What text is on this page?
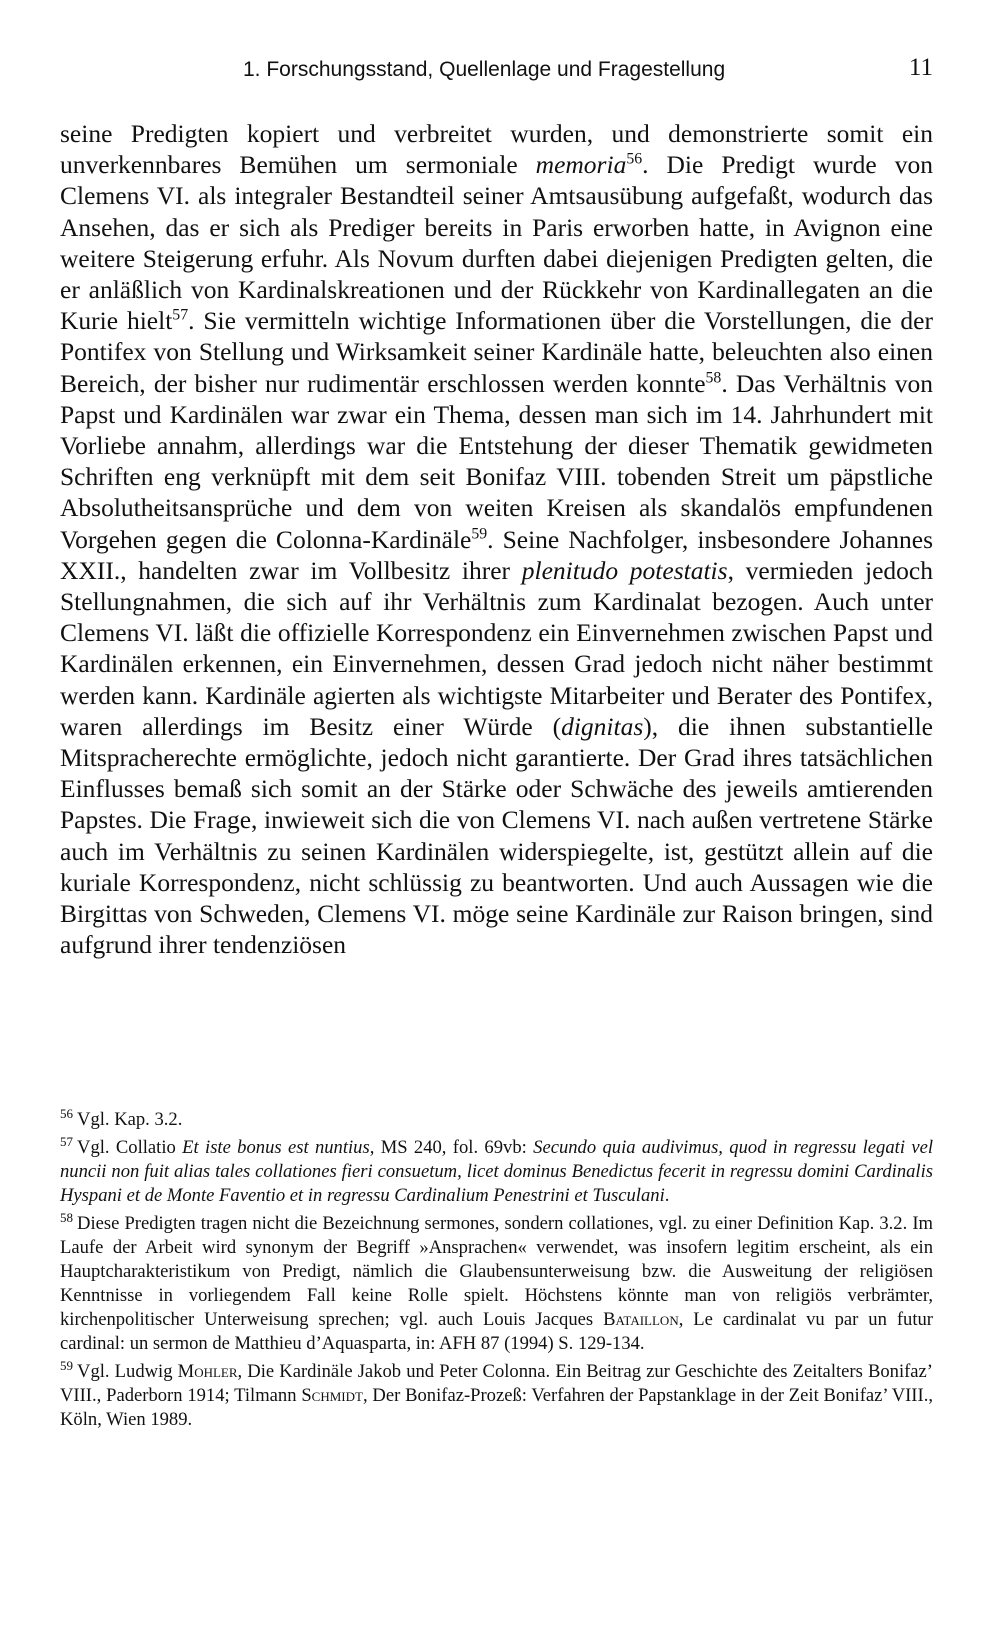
1. Forschungsstand, Quellenlage und Fragestellung	11

seine Predigten kopiert und verbreitet wurden, und demonstrierte somit ein unverkennbares Bemühen um sermoniale memoria$^{56}$. Die Predigt wurde von Clemens VI. als integraler Bestandteil seiner Amtsausübung aufgefaßt, wodurch das Ansehen, das er sich als Prediger bereits in Paris erworben hatte, in Avignon eine weitere Steigerung erfuhr. Als Novum durften dabei diejenigen Predigten gelten, die er anläßlich von Kardinalskreationen und der Rückkehr von Kardinallegaten an die Kurie hielt$^{57}$. Sie vermitteln wichtige Informationen über die Vorstellungen, die der Pontifex von Stellung und Wirksamkeit seiner Kardinäle hatte, beleuchten also einen Bereich, der bisher nur rudimentär erschlossen werden konnte$^{58}$. Das Verhältnis von Papst und Kardinälen war zwar ein Thema, dessen man sich im 14. Jahrhundert mit Vorliebe annahm, allerdings war die Entstehung der dieser Thematik gewidmeten Schriften eng verknüpft mit dem seit Bonifaz VIII. tobenden Streit um päpstliche Absolutheitsansprüche und dem von weiten Kreisen als skandalös empfundenen Vorgehen gegen die Colonna-Kardinäle$^{59}$. Seine Nachfolger, insbesondere Johannes XXII., handelten zwar im Vollbesitz ihrer plenitudo potestatis, vermieden jedoch Stellungnahmen, die sich auf ihr Verhältnis zum Kardinalat bezogen. Auch unter Clemens VI. läßt die offizielle Korrespondenz ein Einvernehmen zwischen Papst und Kardinälen erkennen, ein Einvernehmen, dessen Grad jedoch nicht näher bestimmt werden kann. Kardinäle agierten als wichtigste Mitarbeiter und Berater des Pontifex, waren allerdings im Besitz einer Würde (dignitas), die ihnen substantielle Mitspracherechte ermöglichte, jedoch nicht garantierte. Der Grad ihres tatsächlichen Einflusses bemaß sich somit an der Stärke oder Schwäche des jeweils amtierenden Papstes. Die Frage, inwieweit sich die von Clemens VI. nach außen vertretene Stärke auch im Verhältnis zu seinen Kardinälen widerspiegelte, ist, gestützt allein auf die kuriale Korrespondenz, nicht schlüssig zu beantworten. Und auch Aussagen wie die Birgittas von Schweden, Clemens VI. möge seine Kardinäle zur Raison bringen, sind aufgrund ihrer tendenziösen

$^{56}$ Vgl. Kap. 3.2.

$^{57}$ Vgl. Collatio Et iste bonus est nuntius, MS 240, fol. 69vb: Secundo quia audivimus, quod in regressu legati vel nuncii non fuit alias tales collationes fieri consuetum, licet dominus Benedictus fecerit in regressu domini Cardinalis Hyspani et de Monte Faventio et in regressu Cardinalium Penestrini et Tusculani.

$^{58}$ Diese Predigten tragen nicht die Bezeichnung sermones, sondern collationes, vgl. zu einer Definition Kap. 3.2. Im Laufe der Arbeit wird synonym der Begriff »Ansprachen« verwendet, was insofern legitim erscheint, als ein Hauptcharakteristikum von Predigt, nämlich die Glaubensunterweisung bzw. die Ausweitung der religiösen Kenntnisse in vorliegendem Fall keine Rolle spielt. Höchstens könnte man von religiös verbrämter, kirchenpolitischer Unterweisung sprechen; vgl. auch Louis Jacques Bataillon, Le cardinalat vu par un futur cardinal: un sermon de Matthieu d’Aquasparta, in: AFH 87 (1994) S. 129-134.

$^{59}$ Vgl. Ludwig Mohler, Die Kardinäle Jakob und Peter Colonna. Ein Beitrag zur Geschichte des Zeitalters Bonifaz’ VIII., Paderborn 1914; Tilmann Schmidt, Der Bonifaz-Prozeß: Verfahren der Papstanklage in der Zeit Bonifaz’ VIII., Köln, Wien 1989.
